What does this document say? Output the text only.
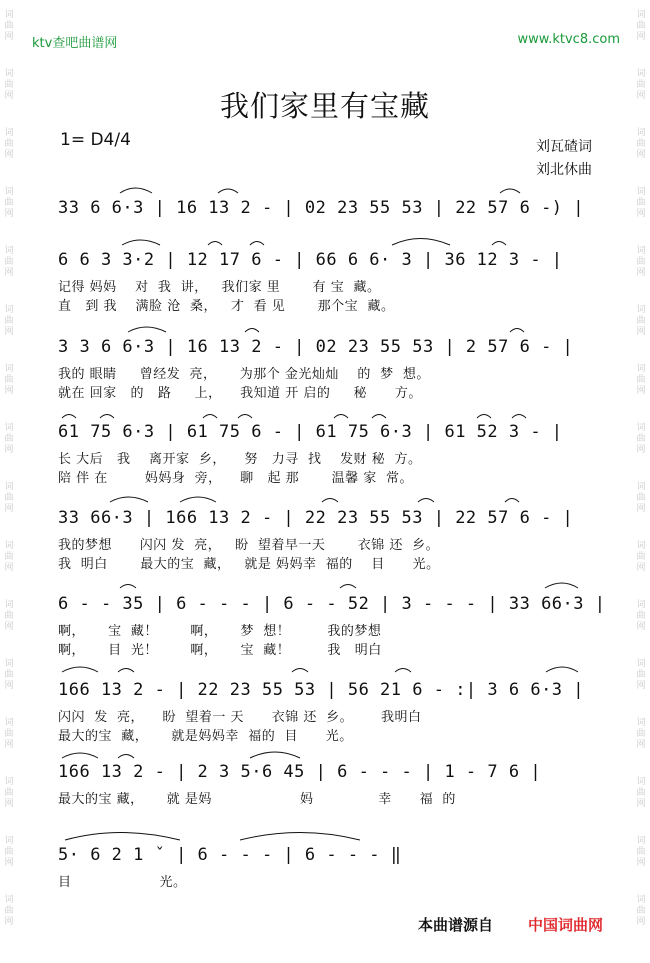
词
曲
网
词
曲
网
词
曲
网
词
曲
网
词
曲
网
词
曲
网
词
曲
网
词
曲
网
词
曲
网
词
曲
网
词
曲
网
词
曲
网
词
曲
网
词
曲
网
词
曲
网
词
曲
网
词
曲
网
词
曲
网
词
曲
网
词
曲
网
词
曲
网
词
曲
网
词
曲
网
词
曲
网
词
曲
网
词
曲
网
词
曲
网
词
曲
网
词
曲
网
词
曲
网
词
曲
网
词
曲
网
ktv查吧曲谱网	www.ktvc8.com
我们家里有宝藏
1= D4/4	刘瓦碴词
刘北休曲
33 6 6·3 | 16 13 2 - | 02 23 55 53 | 22 57 6 -) |
6 6 3 3·2 | 12 17 6 - | 66 6 6· 3 | 36 12 3 - |
记得 妈妈    对  我  讲，   我们家 里       有 宝  藏。
直   到 我    满脸 沧  桑，   才  看 见       那个宝  藏。
3 3 6 6·3 | 16 13 2 - | 02 23 55 53 | 2 57 6 - |
我的 眼睛     曾经发  亮，     为那个 金光灿灿    的  梦  想。
就在 回家   的   路     上，    我知道 开 启的     秘      方。
61 75 6·3 | 61 75 6 - | 61 75 6·3 | 61 52 3 - |
长 大后   我    离开家  乡，    努   力寻  找    发财 秘  方。
陪 伴 在        妈妈身  旁，    聊   起 那       温馨 家  常。
33 66·3 | 166 13 2 - | 22 23 55 53 | 22 57 6 - |
我的梦想      闪闪 发  亮，   盼  望着早一天       衣锦 还  乡。
我  明白       最大的宝  藏，   就是 妈妈幸  福的    目      光。
6 - - 35 | 6 - - - | 6 - - 52 | 3 - - - | 33 66·3 |
啊，     宝  藏！       啊，     梦  想！        我的梦想
啊，     目  光！       啊，     宝  藏！        我   明白
166 13 2 - | 22 23 55 53 | 56 21 6 - :| 3 6 6·3 |
闪闪  发  亮，    盼  望着一 天      衣锦 还  乡。      我明白
最大的宝  藏，     就是妈妈幸  福的  目      光。
166 13 2 - | 2 3 5·6 45 | 6 - - - | 1 - 7 6 |
最大的宝 藏，     就 是妈                   妈              幸      福  的
5· 6 2 1 ˇ | 6 - - - | 6 - - - ‖
目                   光。
本曲谱源自 中国词曲网
